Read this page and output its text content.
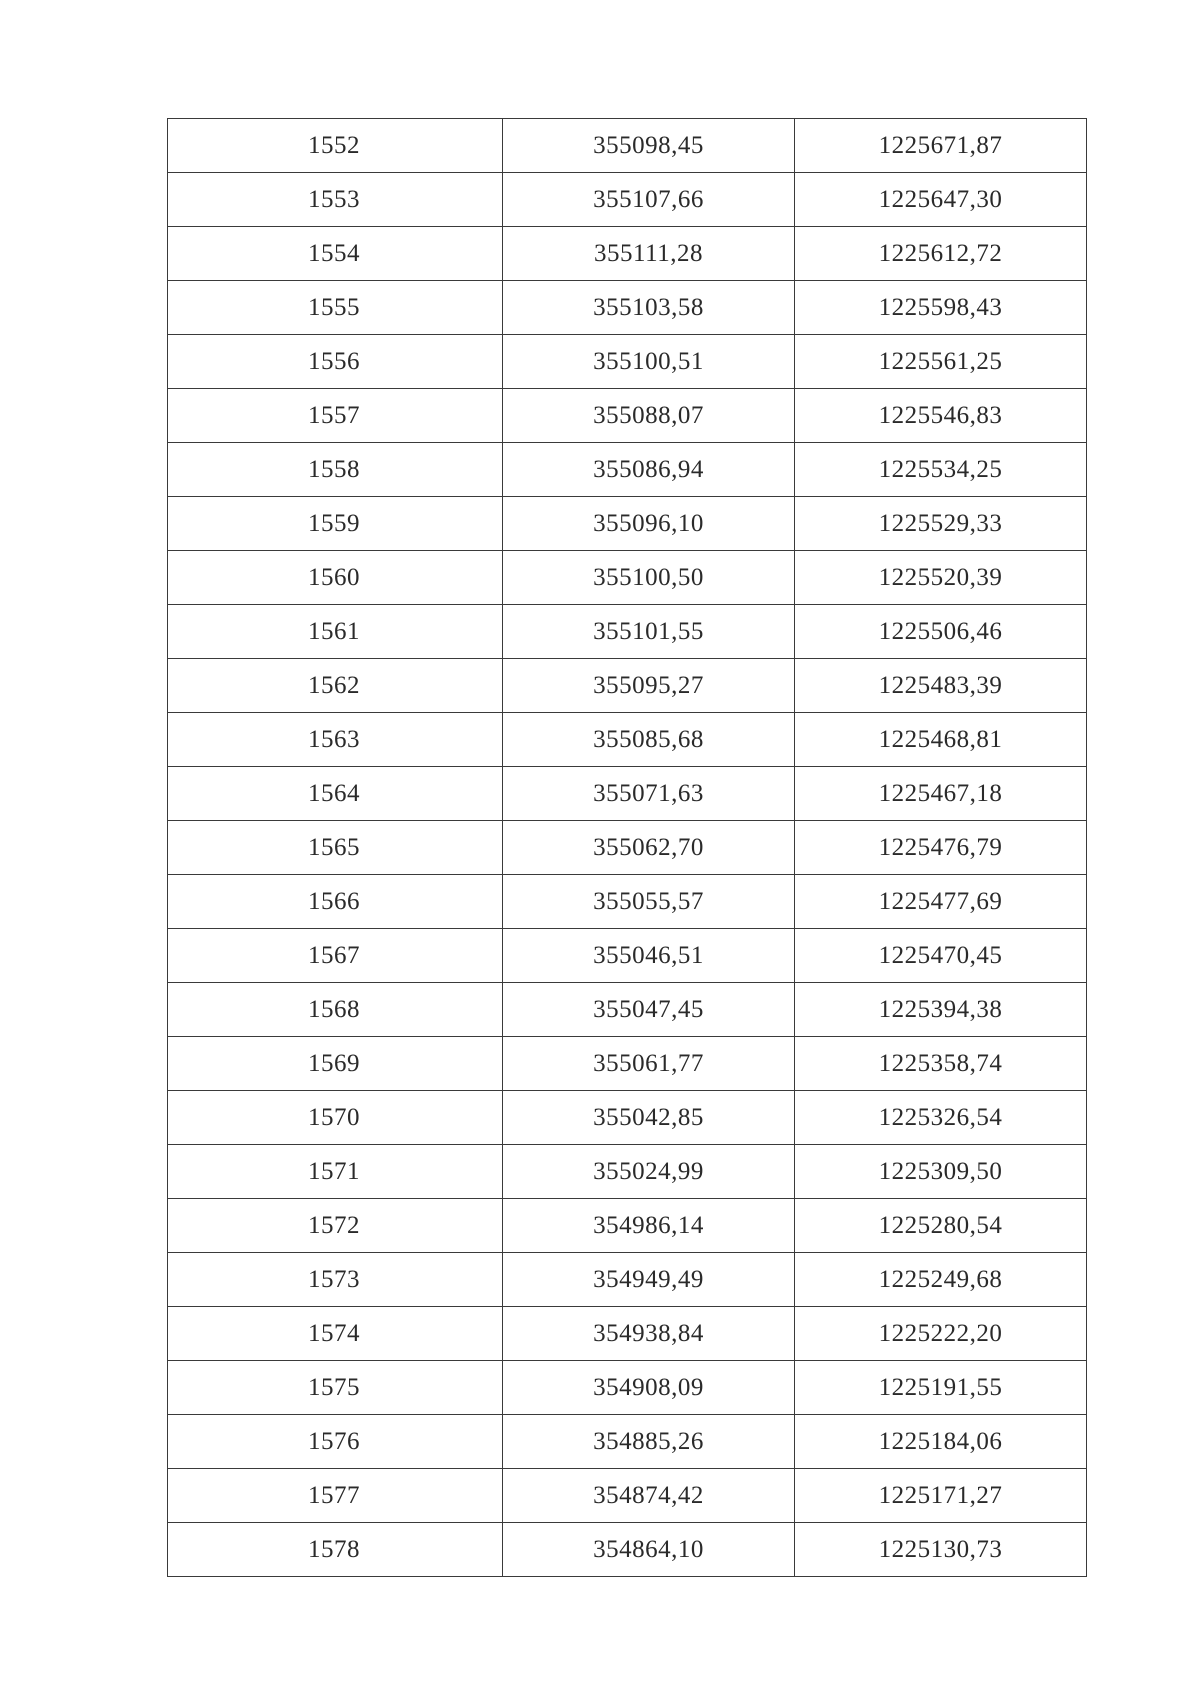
1552	355098,45	1225671,87
1553	355107,66	1225647,30
1554	355111,28	1225612,72
1555	355103,58	1225598,43
1556	355100,51	1225561,25
1557	355088,07	1225546,83
1558	355086,94	1225534,25
1559	355096,10	1225529,33
1560	355100,50	1225520,39
1561	355101,55	1225506,46
1562	355095,27	1225483,39
1563	355085,68	1225468,81
1564	355071,63	1225467,18
1565	355062,70	1225476,79
1566	355055,57	1225477,69
1567	355046,51	1225470,45
1568	355047,45	1225394,38
1569	355061,77	1225358,74
1570	355042,85	1225326,54
1571	355024,99	1225309,50
1572	354986,14	1225280,54
1573	354949,49	1225249,68
1574	354938,84	1225222,20
1575	354908,09	1225191,55
1576	354885,26	1225184,06
1577	354874,42	1225171,27
1578	354864,10	1225130,73
